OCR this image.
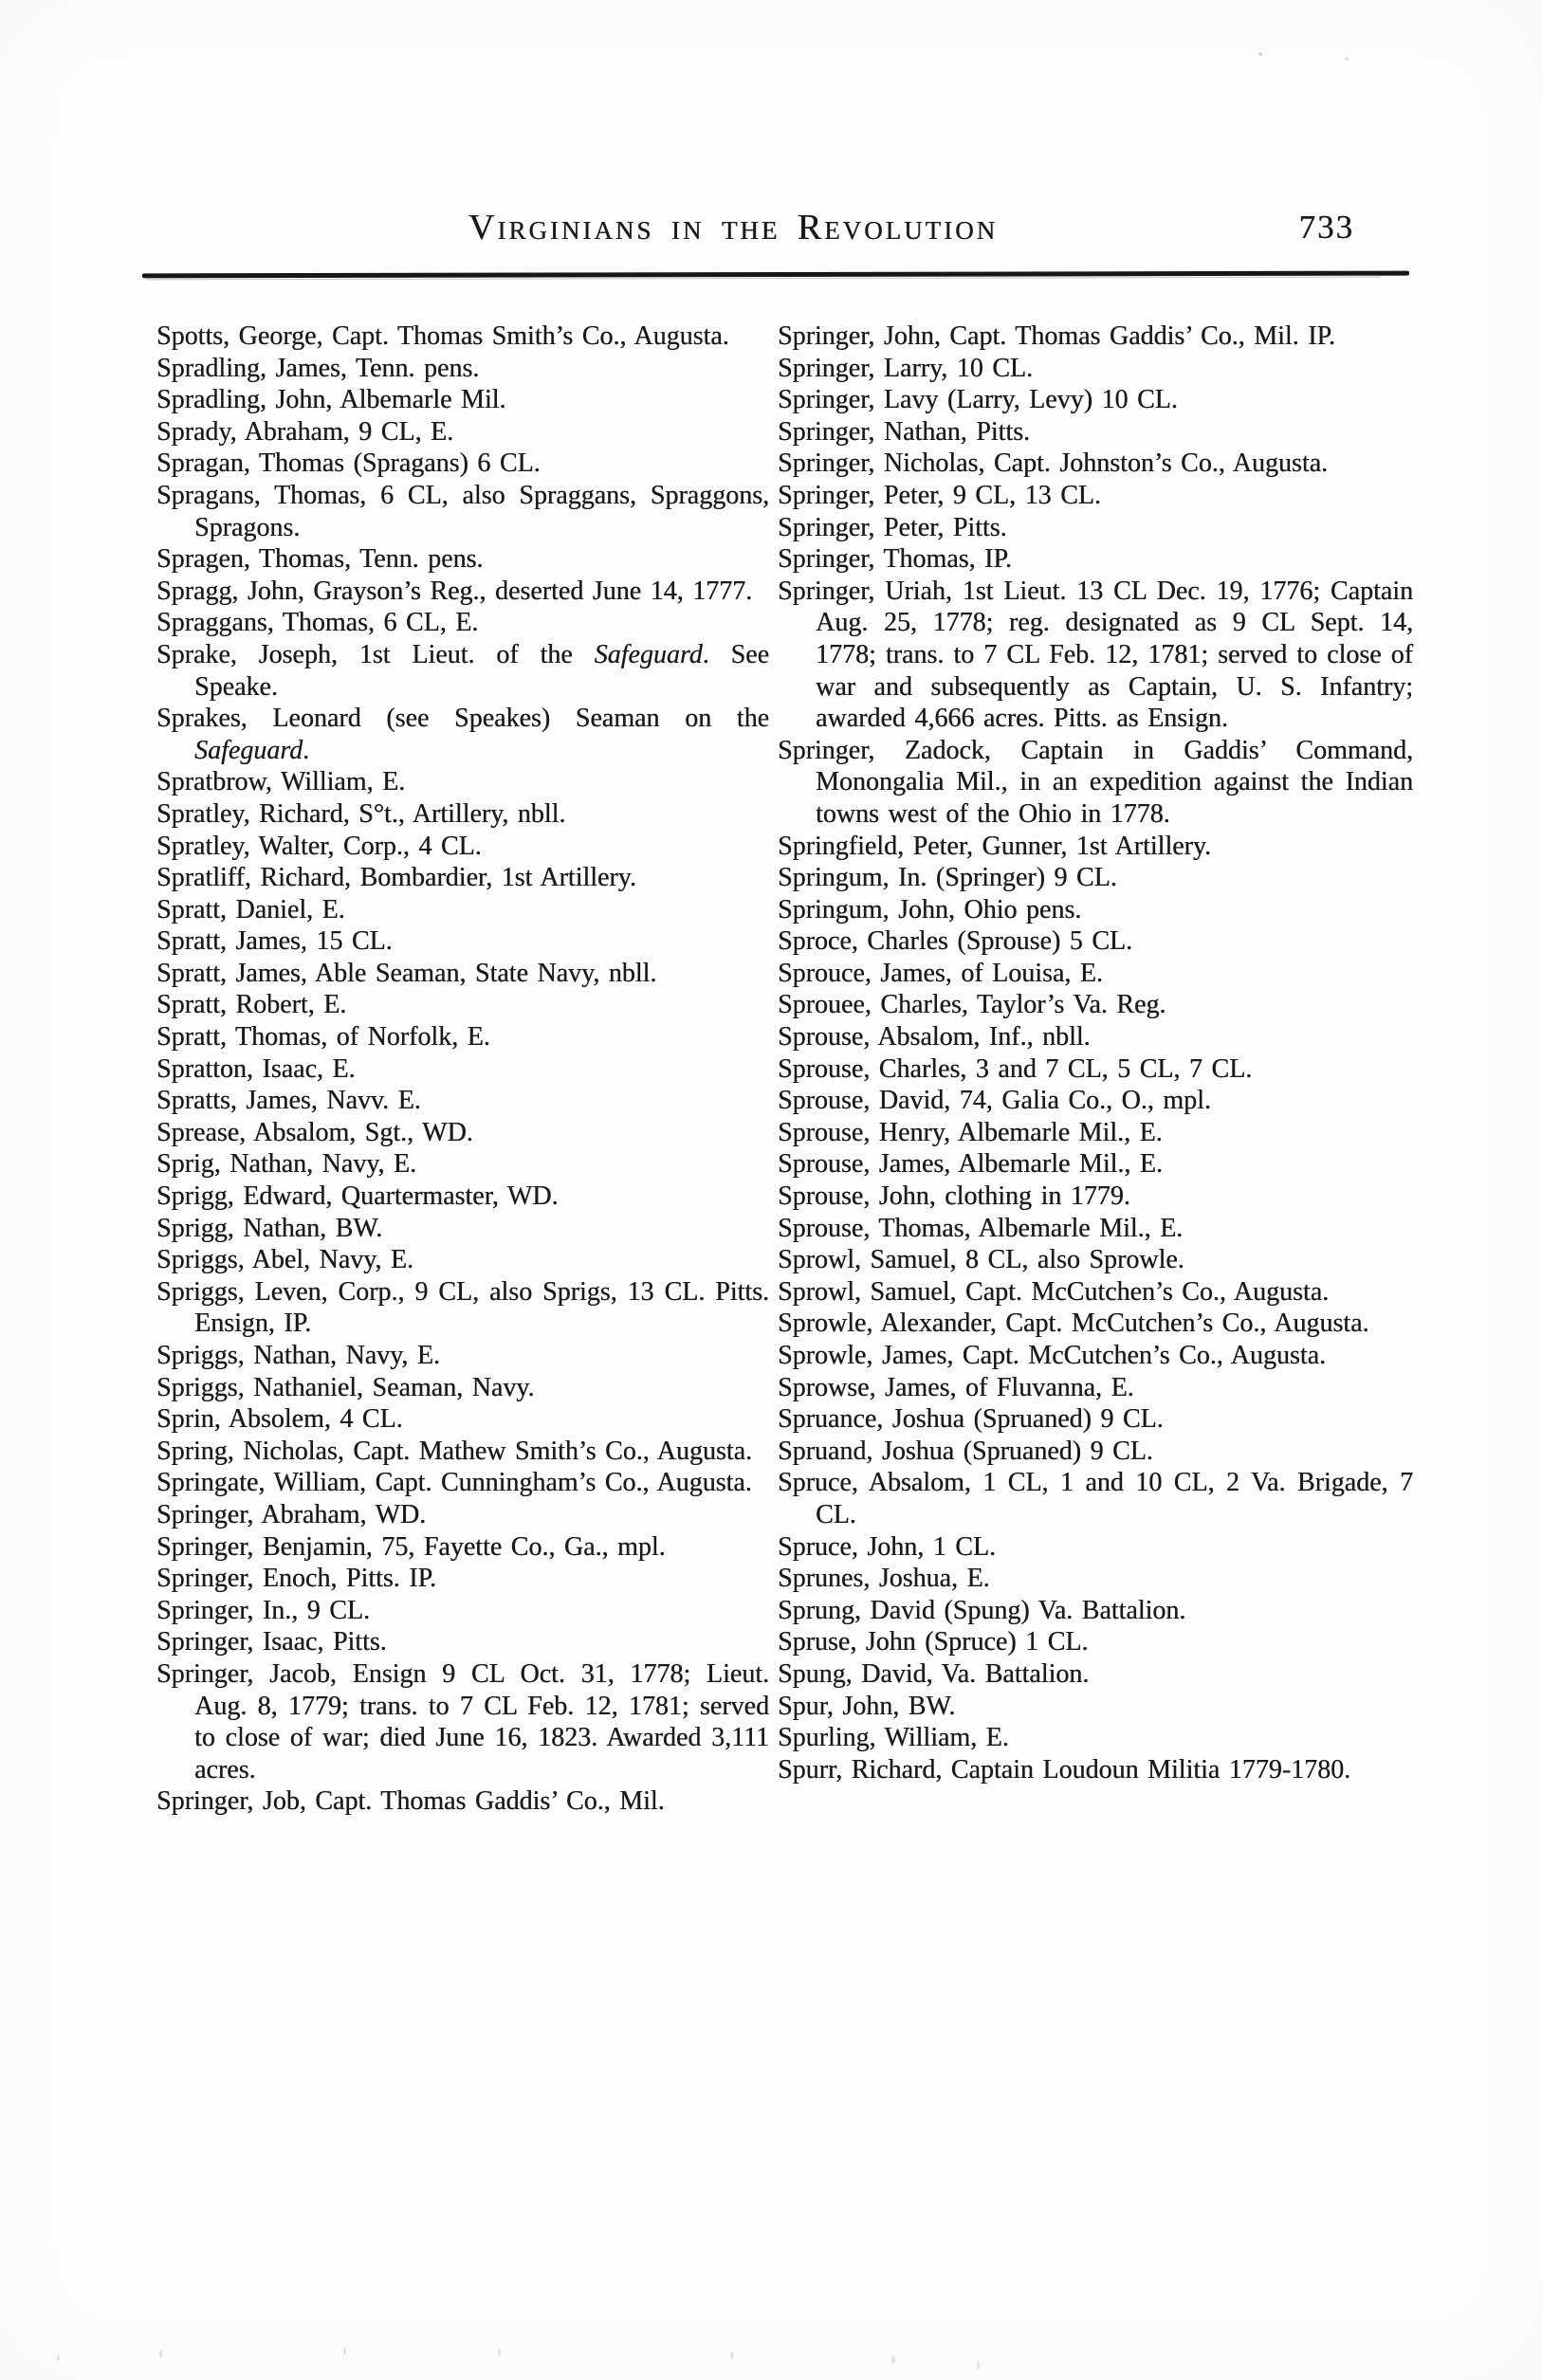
Virginians in the Revolution	733

Spotts, George, Capt. Thomas Smith’s Co., Augusta.

Spradling, James, Tenn. pens.

Spradling, John, Albemarle Mil.

Sprady, Abraham, 9 CL, E.

Spragan, Thomas (Spragans) 6 CL.

Spragans, Thomas, 6 CL, also Spraggans, Spraggons, Spragons.

Spragen, Thomas, Tenn. pens.

Spragg, John, Grayson’s Reg., deserted June 14, 1777.

Spraggans, Thomas, 6 CL, E.

Sprake, Joseph, 1st Lieut. of the Safeguard. See Speake.

Sprakes, Leonard (see Speakes) Seaman on the Safeguard.

Spratbrow, William, E.

Spratley, Richard, S°t., Artillery, nbll.

Spratley, Walter, Corp., 4 CL.

Spratliff, Richard, Bombardier, 1st Artillery.

Spratt, Daniel, E.

Spratt, James, 15 CL.

Spratt, James, Able Seaman, State Navy, nbll.

Spratt, Robert, E.

Spratt, Thomas, of Norfolk, E.

Spratton, Isaac, E.

Spratts, James, Navv. E.

Sprease, Absalom, Sgt., WD.

Sprig, Nathan, Navy, E.

Sprigg, Edward, Quartermaster, WD.

Sprigg, Nathan, BW.

Spriggs, Abel, Navy, E.

Spriggs, Leven, Corp., 9 CL, also Sprigs, 13 CL. Pitts. Ensign, IP.

Spriggs, Nathan, Navy, E.

Spriggs, Nathaniel, Seaman, Navy.

Sprin, Absolem, 4 CL.

Spring, Nicholas, Capt. Mathew Smith’s Co., Augusta.

Springate, William, Capt. Cunningham’s Co., Augusta.

Springer, Abraham, WD.

Springer, Benjamin, 75, Fayette Co., Ga., mpl.

Springer, Enoch, Pitts. IP.

Springer, In., 9 CL.

Springer, Isaac, Pitts.

Springer, Jacob, Ensign 9 CL Oct. 31, 1778; Lieut. Aug. 8, 1779; trans. to 7 CL Feb. 12, 1781; served to close of war; died June 16, 1823. Awarded 3,111 acres.

Springer, Job, Capt. Thomas Gaddis’ Co., Mil.

Springer, John, Capt. Thomas Gaddis’ Co., Mil. IP.

Springer, Larry, 10 CL.

Springer, Lavy (Larry, Levy) 10 CL.

Springer, Nathan, Pitts.

Springer, Nicholas, Capt. Johnston’s Co., Augusta.

Springer, Peter, 9 CL, 13 CL.

Springer, Peter, Pitts.

Springer, Thomas, IP.

Springer, Uriah, 1st Lieut. 13 CL Dec. 19, 1776; Captain Aug. 25, 1778; reg. designated as 9 CL Sept. 14, 1778; trans. to 7 CL Feb. 12, 1781; served to close of war and subsequently as Captain, U. S. Infantry; awarded 4,666 acres. Pitts. as Ensign.

Springer, Zadock, Captain in Gaddis’ Command, Monongalia Mil., in an expedition against the Indian towns west of the Ohio in 1778.

Springfield, Peter, Gunner, 1st Artillery.

Springum, In. (Springer) 9 CL.

Springum, John, Ohio pens.

Sproce, Charles (Sprouse) 5 CL.

Sprouce, James, of Louisa, E.

Sprouee, Charles, Taylor’s Va. Reg.

Sprouse, Absalom, Inf., nbll.

Sprouse, Charles, 3 and 7 CL, 5 CL, 7 CL.

Sprouse, David, 74, Galia Co., O., mpl.

Sprouse, Henry, Albemarle Mil., E.

Sprouse, James, Albemarle Mil., E.

Sprouse, John, clothing in 1779.

Sprouse, Thomas, Albemarle Mil., E.

Sprowl, Samuel, 8 CL, also Sprowle.

Sprowl, Samuel, Capt. McCutchen’s Co., Augusta.

Sprowle, Alexander, Capt. McCutchen’s Co., Augusta.

Sprowle, James, Capt. McCutchen’s Co., Augusta.

Sprowse, James, of Fluvanna, E.

Spruance, Joshua (Spruaned) 9 CL.

Spruand, Joshua (Spruaned) 9 CL.

Spruce, Absalom, 1 CL, 1 and 10 CL, 2 Va. Brigade, 7 CL.

Spruce, John, 1 CL.

Sprunes, Joshua, E.

Sprung, David (Spung) Va. Battalion.

Spruse, John (Spruce) 1 CL.

Spung, David, Va. Battalion.

Spur, John, BW.

Spurling, William, E.

Spurr, Richard, Captain Loudoun Militia 1779-1780.
